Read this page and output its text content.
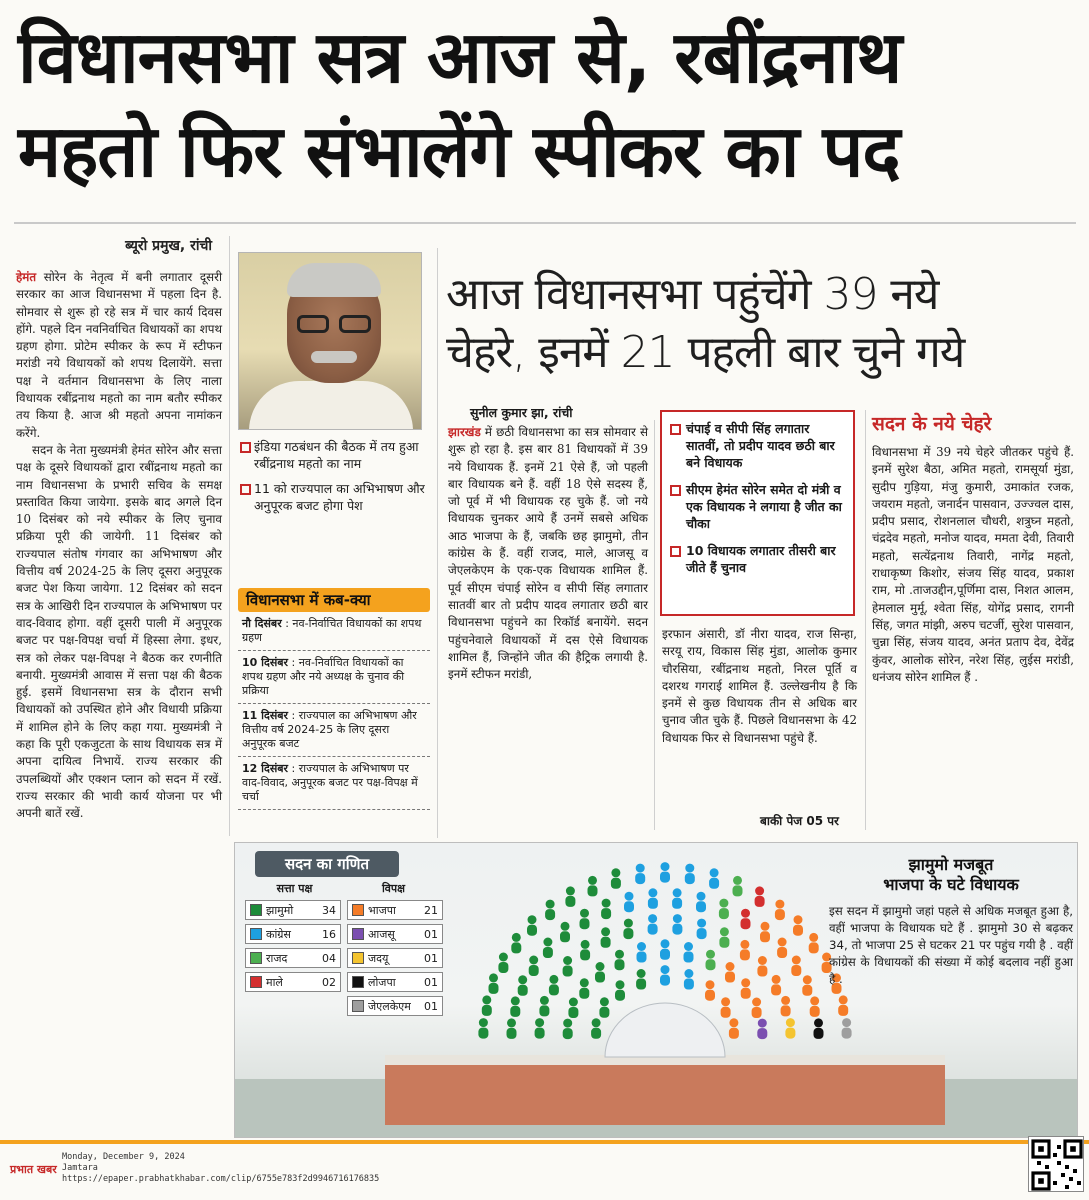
विधानसभा सत्र आज से, रबींद्रनाथ
महतो फिर संभालेंगे स्पीकर का पद
ब्यूरो प्रमुख, रांची

हेमंत सोरेन के नेतृत्व में बनी लगातार दूसरी सरकार का आज विधानसभा में पहला दिन है. सोमवार से शुरू हो रहे सत्र में चार कार्य दिवस होंगे. पहले दिन नवनिर्वाचित विधायकों का शपथ ग्रहण होगा. प्रोटेम स्पीकर के रूप में स्टीफन मरांडी नये विधायकों को शपथ दिलायेंगे. सत्ता पक्ष ने वर्तमान विधानसभा के लिए नाला विधायक रबींद्रनाथ महतो का नाम बतौर स्पीकर तय किया है. आज श्री महतो अपना नामांकन करेंगे.

सदन के नेता मुख्यमंत्री हेमंत सोरेन और सत्ता पक्ष के दूसरे विधायकों द्वारा रबींद्रनाथ महतो का नाम विधानसभा के प्रभारी सचिव के समक्ष प्रस्तावित किया जायेगा. इसके बाद अगले दिन 10 दिसंबर को नये स्पीकर के लिए चुनाव प्रक्रिया पूरी की जायेगी. 11 दिसंबर को राज्यपाल संतोष गंगवार का अभिभाषण और वित्तीय वर्ष 2024-25 के लिए दूसरा अनुपूरक बजट पेश किया जायेगा. 12 दिसंबर को सदन सत्र के आखिरी दिन राज्यपाल के अभिभाषण पर वाद-विवाद होगा. वहीं दूसरी पाली में अनुपूरक बजट पर पक्ष-विपक्ष चर्चा में हिस्सा लेगा. इधर, सत्र को लेकर पक्ष-विपक्ष ने बैठक कर रणनीति बनायी. मुख्यमंत्री आवास में सत्ता पक्ष की बैठक हुई. इसमें विधानसभा सत्र के दौरान सभी विधायकों को उपस्थित होने और विधायी प्रक्रिया में शामिल होने के लिए कहा गया. मुख्यमंत्री ने कहा कि पूरी एकजुटता के साथ विधायक सत्र में अपना दायित्व निभायें. राज्य सरकार की उपलब्धियों और एक्शन प्लान को सदन में रखें. राज्य सरकार की भावी कार्य योजना पर भी अपनी बातें रखें.

इंडिया गठबंधन की बैठक में तय हुआ रबींद्रनाथ महतो का नाम
11 को राज्यपाल का अभिभाषण और अनुपूरक बजट होगा पेश
विधानसभा में कब-क्या
नौ दिसंबर : नव-निर्वाचित विधायकों का शपथ ग्रहण
10 दिसंबर : नव-निर्वाचित विधायकों का शपथ ग्रहण और नये अध्यक्ष के चुनाव की प्रक्रिया
11 दिसंबर : राज्यपाल का अभिभाषण और वित्तीय वर्ष 2024-25 के लिए दूसरा अनुपूरक बजट
12 दिसंबर : राज्यपाल के अभिभाषण पर वाद-विवाद, अनुपूरक बजट पर पक्ष-विपक्ष में चर्चा
आज विधानसभा पहुंचेंगे 39 नये
चेहरे, इनमें 21 पहली बार चुने गये
सुनील कुमार झा, रांची
झारखंड में छठी विधानसभा का सत्र सोमवार से शुरू हो रहा है. इस बार 81 विधायकों में 39 नये विधायक हैं. इनमें 21 ऐसे हैं, जो पहली बार विधायक बने हैं. वहीं 18 ऐसे सदस्य हैं, जो पूर्व में भी विधायक रह चुके हैं. जो नये विधायक चुनकर आये हैं उनमें सबसे अधिक आठ भाजपा के हैं, जबकि छह झामुमो, तीन कांग्रेस के हैं. वहीं राजद, माले, आजसू व जेएलकेएम के एक-एक विधायक शामिल हैं. पूर्व सीएम चंपाई सोरेन व सीपी सिंह लगातार सातवीं बार तो प्रदीप यादव लगातार छठी बार विधानसभा पहुंचने का रिकॉर्ड बनायेंगे. सदन पहुंचनेवाले विधायकों में दस ऐसे विधायक शामिल हैं, जिन्होंने जीत की हैट्रिक लगायी है. इनमें स्टीफन मरांडी,
चंपाई व सीपी सिंह लगातार सातवीं, तो प्रदीप यादव छठी बार बने विधायक
सीएम हेमंत सोरेन समेत दो मंत्री व एक विधायक ने लगाया है जीत का चौका
10 विधायक लगातार तीसरी बार जीते हैं चुनाव
इरफान अंसारी, डॉ नीरा यादव, राज सिन्हा, सरयू राय, विकास सिंह मुंडा, आलोक कुमार चौरसिया, रबींद्रनाथ महतो, निरल पूर्ति व दशरथ गगराई शामिल हैं. उल्लेखनीय है कि इनमें से कुछ विधायक तीन से अधिक बार चुनाव जीत चुके हैं. पिछले विधानसभा के 42 विधायक फिर से विधानसभा पहुंचे हैं.
बाकी पेज 05 पर
सदन के नये चेहरे
विधानसभा में 39 नये चेहरे जीतकर पहुंचे हैं. इनमें सुरेश बैठा, अमित महतो, रामसूर्या मुंडा, सुदीप गुड़िया, मंजु कुमारी, उमाकांत रजक, जयराम महतो, जनार्दन पासवान, उज्ज्वल दास, प्रदीप प्रसाद, रोशनलाल चौधरी, शत्रुघ्न महतो, चंद्रदेव महतो, मनोज यादव, ममता देवी, तिवारी महतो, सत्येंद्रनाथ तिवारी, नागेंद्र महतो, राधाकृष्ण किशोर, संजय सिंह यादव, प्रकाश राम, मो .ताजउद्दीन,पूर्णिमा दास, निशत आलम, हेमलाल मुर्मू, श्वेता सिंह, योगेंद्र प्रसाद, रागनी सिंह, जगत मांझी, अरुप चटर्जी, सुरेश पासवान, चुन्ना सिंह, संजय यादव, अनंत प्रताप देव, देवेंद्र कुंवर, आलोक सोरेन, नरेश सिंह, लुईस मरांडी, धनंजय सोरेन शामिल हैं .
सदन का गणित
सत्ता पक्ष	विपक्ष
झामुमो	34	भाजपा	21
कांग्रेस	16	आजसू	01
राजद	04	जदयू	01
माले	02	लोजपा	01
जेएलकेएम	01
झामुमो मजबूत
भाजपा के घटे विधायक

इस सदन में झामुमो जहां पहले से अधिक मजबूत हुआ है, वहीं भाजपा के विधायक घटे हैं . झामुमो 30 से बढ़कर 34, तो भाजपा 25 से घटकर 21 पर पहुंच गयी है . वहीं कांग्रेस के विधायकों की संख्या में कोई बदलाव नहीं हुआ है .

प्रभात खबर
Monday, December 9, 2024
Jamtara
https://epaper.prabhatkhabar.com/clip/6755e783f2d9946716176835
